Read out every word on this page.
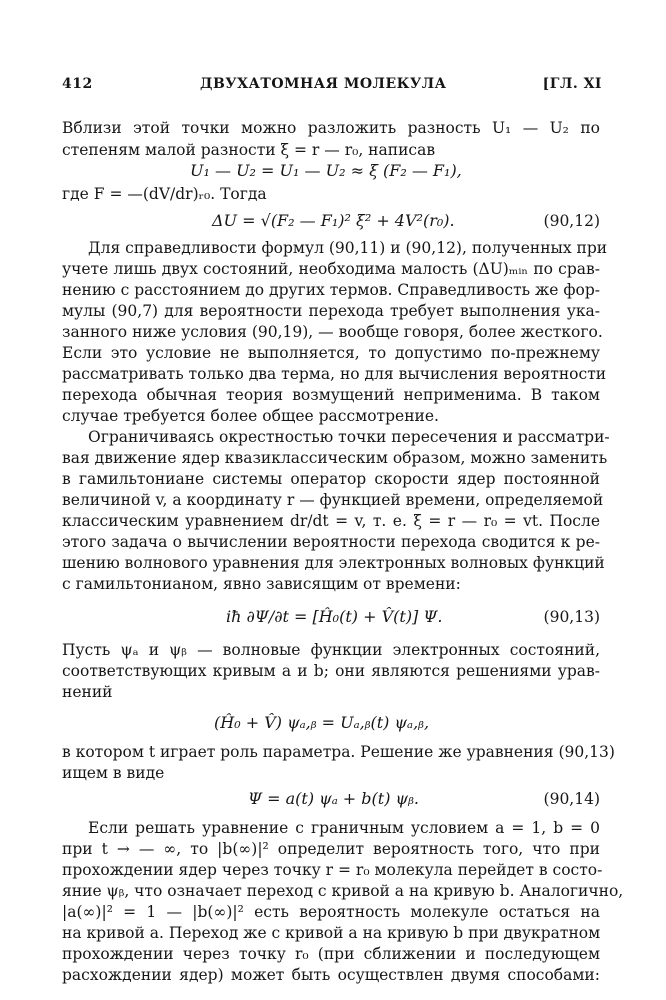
412	ДВУХАТОМНАЯ МОЛЕКУЛА	[ГЛ. XI
Вблизи этой точки можно разложить разность U₁ — U₂ по
степеням малой разности ξ = r — r₀, написав
U₁ — U₂ = U₁ — U₂ ≈ ξ (F₂ — F₁),
где F = —(dV/dr)ᵣ₀. Тогда
ΔU = √(F₂ — F₁)² ξ² + 4V²(r₀).	(90,12)
Для справедливости формул (90,11) и (90,12), полученных при
учете лишь двух состояний, необходима малость (ΔU)ₘᵢₙ по срав-
нению с расстоянием до других термов. Справедливость же фор-
мулы (90,7) для вероятности перехода требует выполнения ука-
занного ниже условия (90,19), — вообще говоря, более жесткого.
Если это условие не выполняется, то допустимо по-прежнему
рассматривать только два терма, но для вычисления вероятности
перехода обычная теория возмущений неприменима. В таком
случае требуется более общее рассмотрение.
Ограничиваясь окрестностью точки пересечения и рассматри-
вая движение ядер квазиклассическим образом, можно заменить
в гамильтониане системы оператор скорости ядер постоянной
величиной v, а координату r — функцией времени, определяемой
классическим уравнением dr/dt = v, т. е. ξ = r — r₀ = vt. После
этого задача о вычислении вероятности перехода сводится к ре-
шению волнового уравнения для электронных волновых функций
с гамильтонианом, явно зависящим от времени:
iħ ∂Ψ/∂t = [Ĥ₀(t) + V̂(t)] Ψ.	(90,13)
Пусть ψₐ и ψᵦ — волновые функции электронных состояний,
соответствующих кривым a и b; они являются решениями урав-
нений
(Ĥ₀ + V̂) ψₐ,ᵦ = Uₐ,ᵦ(t) ψₐ,ᵦ,
в котором t играет роль параметра. Решение же уравнения (90,13)
ищем в виде
Ψ = a(t) ψₐ + b(t) ψᵦ.	(90,14)
Если решать уравнение с граничным условием a = 1, b = 0
при t → — ∞, то |b(∞)|² определит вероятность того, что при
прохождении ядер через точку r = r₀ молекула перейдет в состо-
яние ψᵦ, что означает переход с кривой a на кривую b. Аналогично,
|a(∞)|² = 1 — |b(∞)|² есть вероятность молекуле остаться на
на кривой a. Переход же с кривой a на кривую b при двукратном
прохождении через точку r₀ (при сближении и последующем
расхождении ядер) может быть осуществлен двумя способами:
